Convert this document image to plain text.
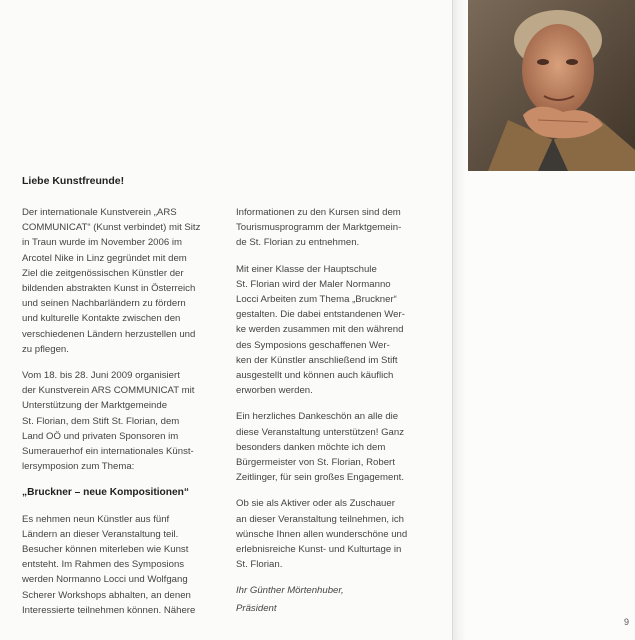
Liebe Kunstfreunde!

Der internationale Kunstverein „ARS
COMMUNICAT“ (Kunst verbindet) mit Sitz
in Traun wurde im November 2006 im
Arcotel Nike in Linz gegründet mit dem
Ziel die zeitgenössischen Künstler der
bildenden abstrakten Kunst in Österreich
und seinen Nachbarländern zu fördern
und kulturelle Kontakte zwischen den
verschiedenen Ländern herzustellen und
zu pflegen.

Vom 18. bis 28. Juni 2009 organisiert
der Kunstverein ARS COMMUNICAT mit
Unterstützung der Marktgemeinde
St. Florian, dem Stift St. Florian, dem
Land OÖ und privaten Sponsoren im
Sumerauerhof ein internationales Künst-
lersymposion zum Thema:

„Bruckner – neue Kompositionen“

Es nehmen neun Künstler aus fünf
Ländern an dieser Veranstaltung teil.
Besucher können miterleben wie Kunst
entsteht. Im Rahmen des Symposions
werden Normanno Locci und Wolfgang
Scherer Workshops abhalten, an denen
Interessierte teilnehmen können. Nähere

Informationen zu den Kursen sind dem
Tourismusprogramm der Marktgemein-
de St. Florian zu entnehmen.

Mit einer Klasse der Hauptschule
St. Florian wird der Maler Normanno
Locci Arbeiten zum Thema „Bruckner“
gestalten. Die dabei entstandenen Wer-
ke werden zusammen mit den während
des Symposions geschaffenen Wer-
ken der Künstler anschließend im Stift
ausgestellt und können auch käuflich
erworben werden.

Ein herzliches Dankeschön an alle die
diese Veranstaltung unterstützen! Ganz
besonders danken möchte ich dem
Bürgermeister von St. Florian, Robert
Zeitlinger, für sein großes Engagement.

Ob sie als Aktiver oder als Zuschauer
an dieser Veranstaltung teilnehmen, ich
wünsche Ihnen allen wunderschöne und
erlebnisreiche Kunst- und Kulturtage in
St. Florian.

Ihr Günther Mörtenhuber,
Präsident
9
